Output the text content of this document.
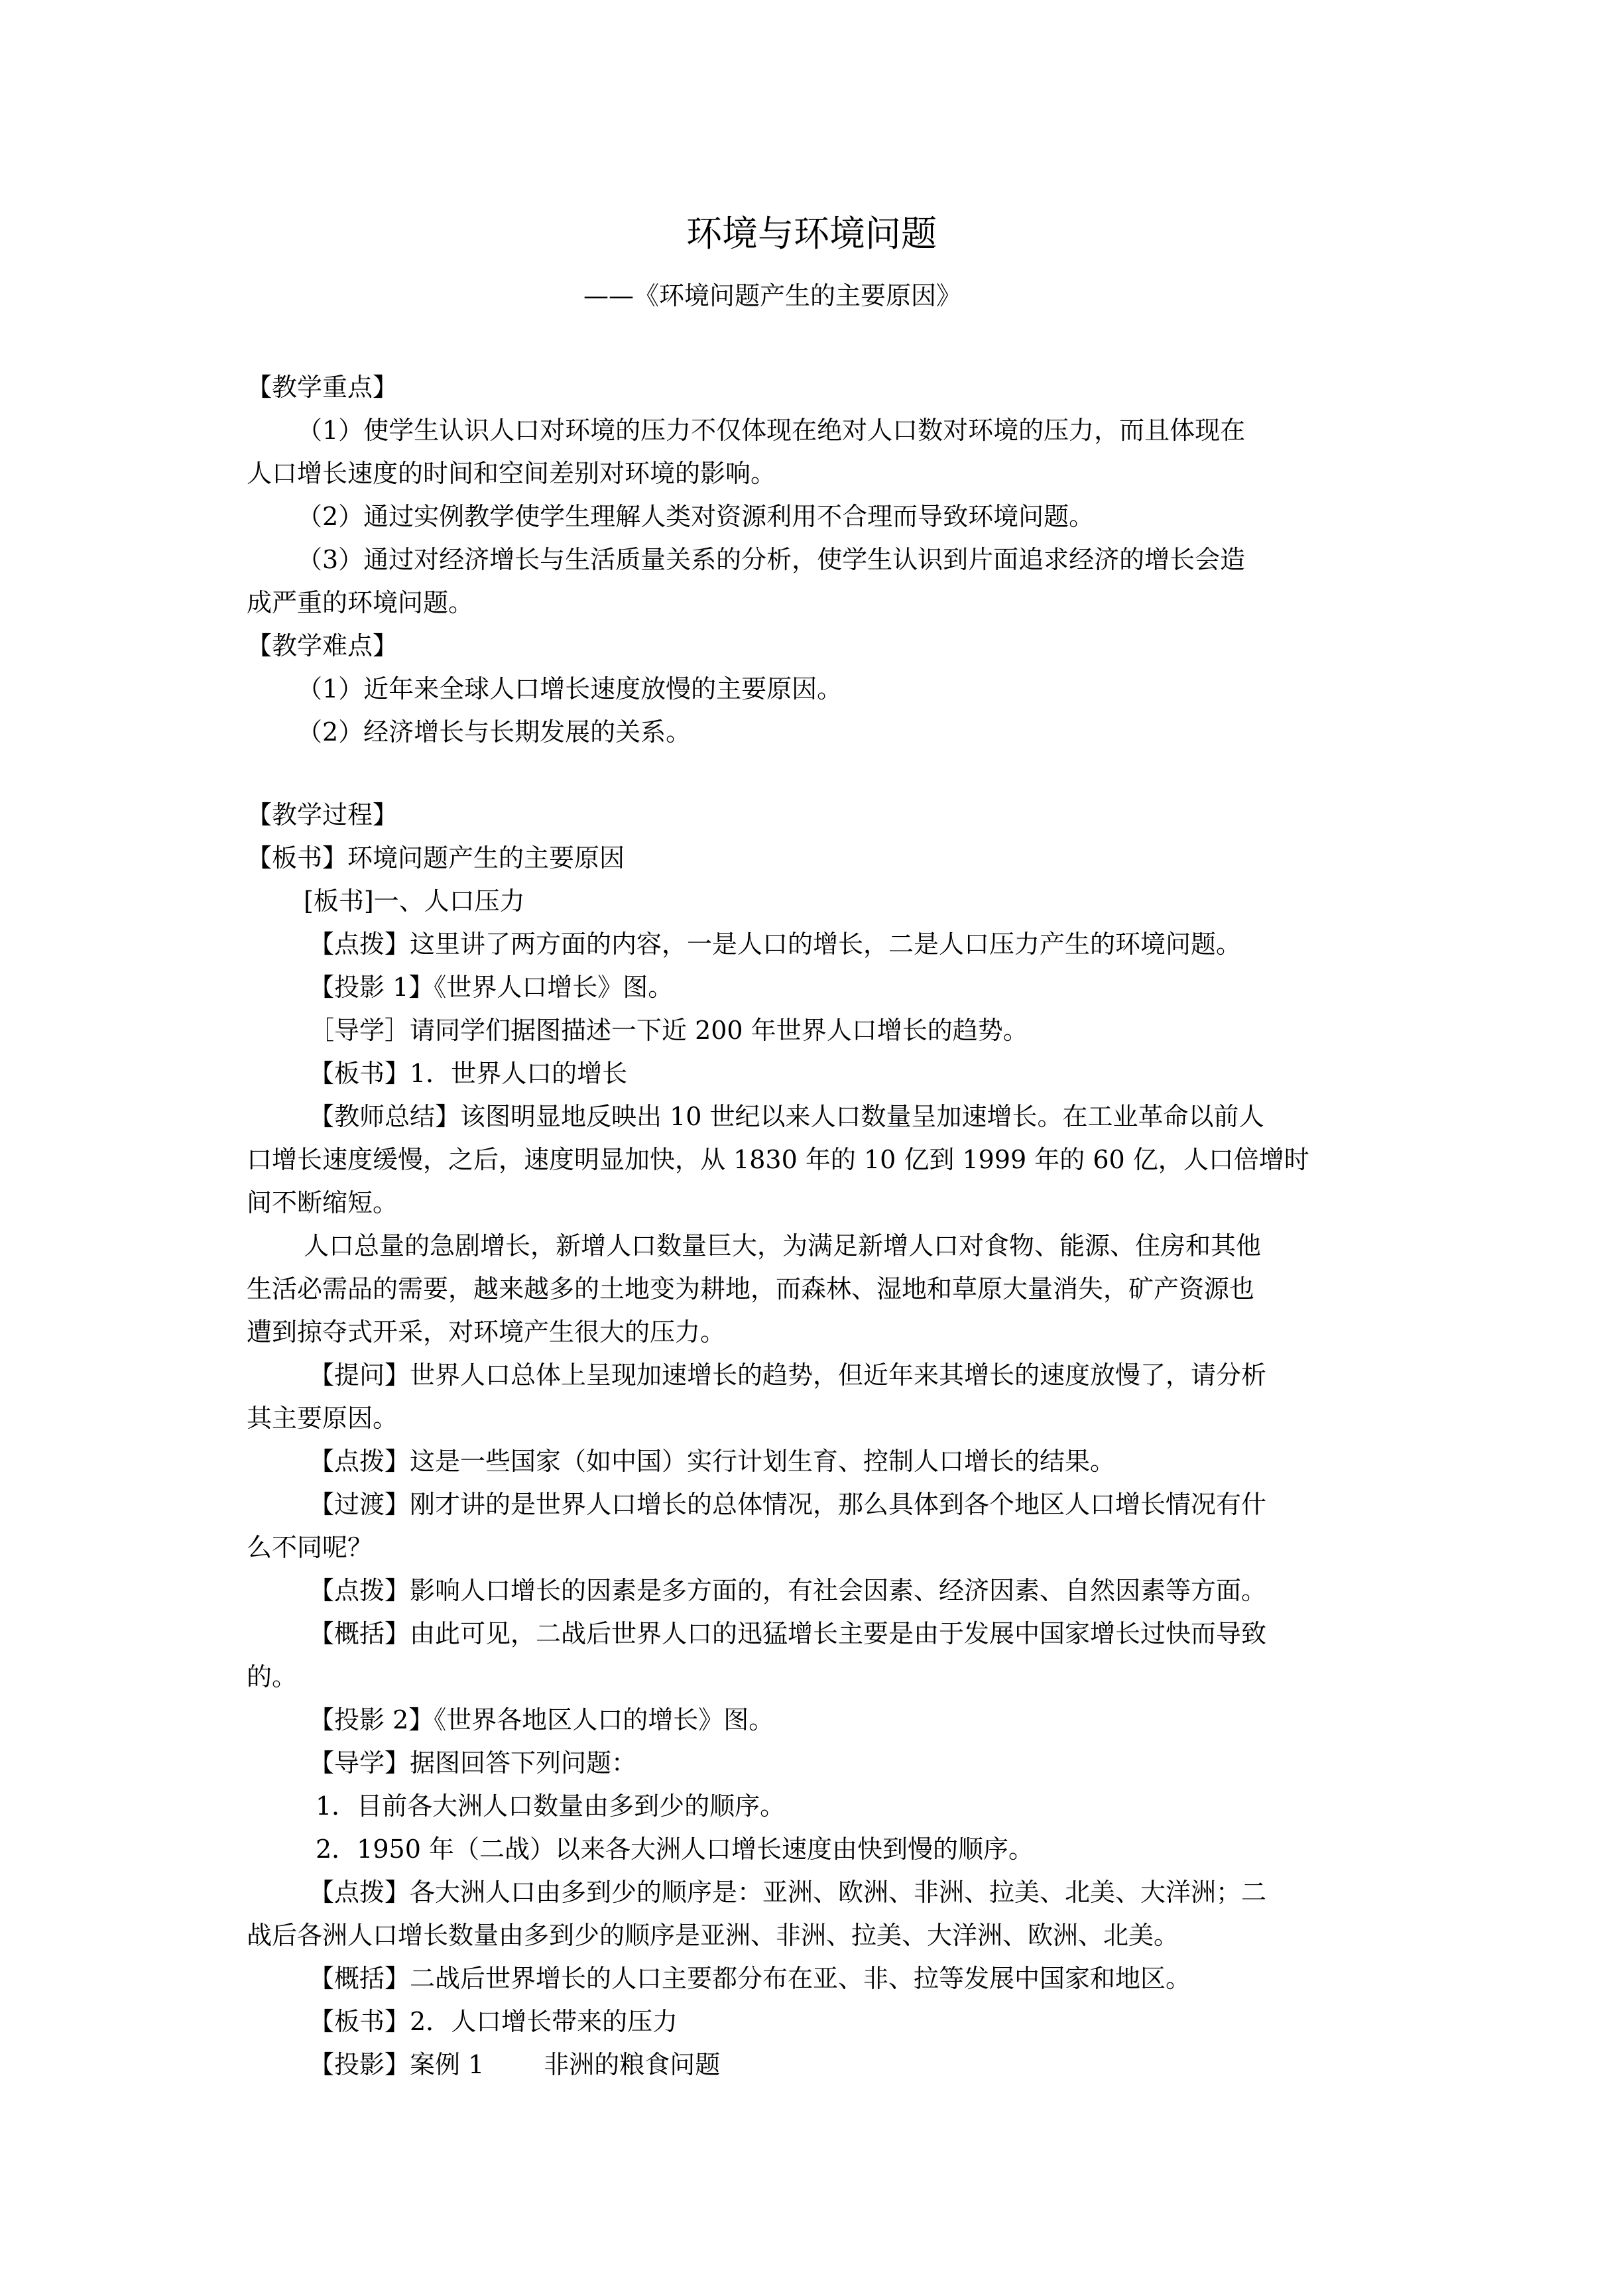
环境与环境问题
——《环境问题产生的主要原因》
【教学重点】
（1）使学生认识人口对环境的压力不仅体现在绝对人口数对环境的压力，而且体现在
人口增长速度的时间和空间差别对环境的影响。
（2）通过实例教学使学生理解人类对资源利用不合理而导致环境问题。
（3）通过对经济增长与生活质量关系的分析，使学生认识到片面追求经济的增长会造
成严重的环境问题。
【教学难点】
（1）近年来全球人口增长速度放慢的主要原因。
（2）经济增长与长期发展的关系。
【教学过程】
【板书】环境问题产生的主要原因
[板书]一、人口压力
【点拨】这里讲了两方面的内容，一是人口的增长，二是人口压力产生的环境问题。
【投影 1】《世界人口增长》图。
［导学］请同学们据图描述一下近 200 年世界人口增长的趋势。
【板书】1．世界人口的增长
【教师总结】该图明显地反映出 10 世纪以来人口数量呈加速增长。在工业革命以前人
口增长速度缓慢，之后，速度明显加快，从 1830 年的 10 亿到 1999 年的 60 亿，人口倍增时
间不断缩短。
人口总量的急剧增长，新增人口数量巨大，为满足新增人口对食物、能源、住房和其他
生活必需品的需要，越来越多的土地变为耕地，而森林、湿地和草原大量消失，矿产资源也
遭到掠夺式开采，对环境产生很大的压力。
【提问】世界人口总体上呈现加速增长的趋势，但近年来其增长的速度放慢了，请分析
其主要原因。
【点拨】这是一些国家（如中国）实行计划生育、控制人口增长的结果。
【过渡】刚才讲的是世界人口增长的总体情况，那么具体到各个地区人口增长情况有什
么不同呢？
【点拨】影响人口增长的因素是多方面的，有社会因素、经济因素、自然因素等方面。
【概括】由此可见，二战后世界人口的迅猛增长主要是由于发展中国家增长过快而导致
的。
【投影 2】《世界各地区人口的增长》图。
【导学】据图回答下列问题：
1．目前各大洲人口数量由多到少的顺序。
2．1950 年（二战）以来各大洲人口增长速度由快到慢的顺序。
【点拨】各大洲人口由多到少的顺序是：亚洲、欧洲、非洲、拉美、北美、大洋洲；二
战后各洲人口增长数量由多到少的顺序是亚洲、非洲、拉美、大洋洲、欧洲、北美。
【概括】二战后世界增长的人口主要都分布在亚、非、拉等发展中国家和地区。
【板书】2．人口增长带来的压力
【投影】案例 1 非洲的粮食问题
